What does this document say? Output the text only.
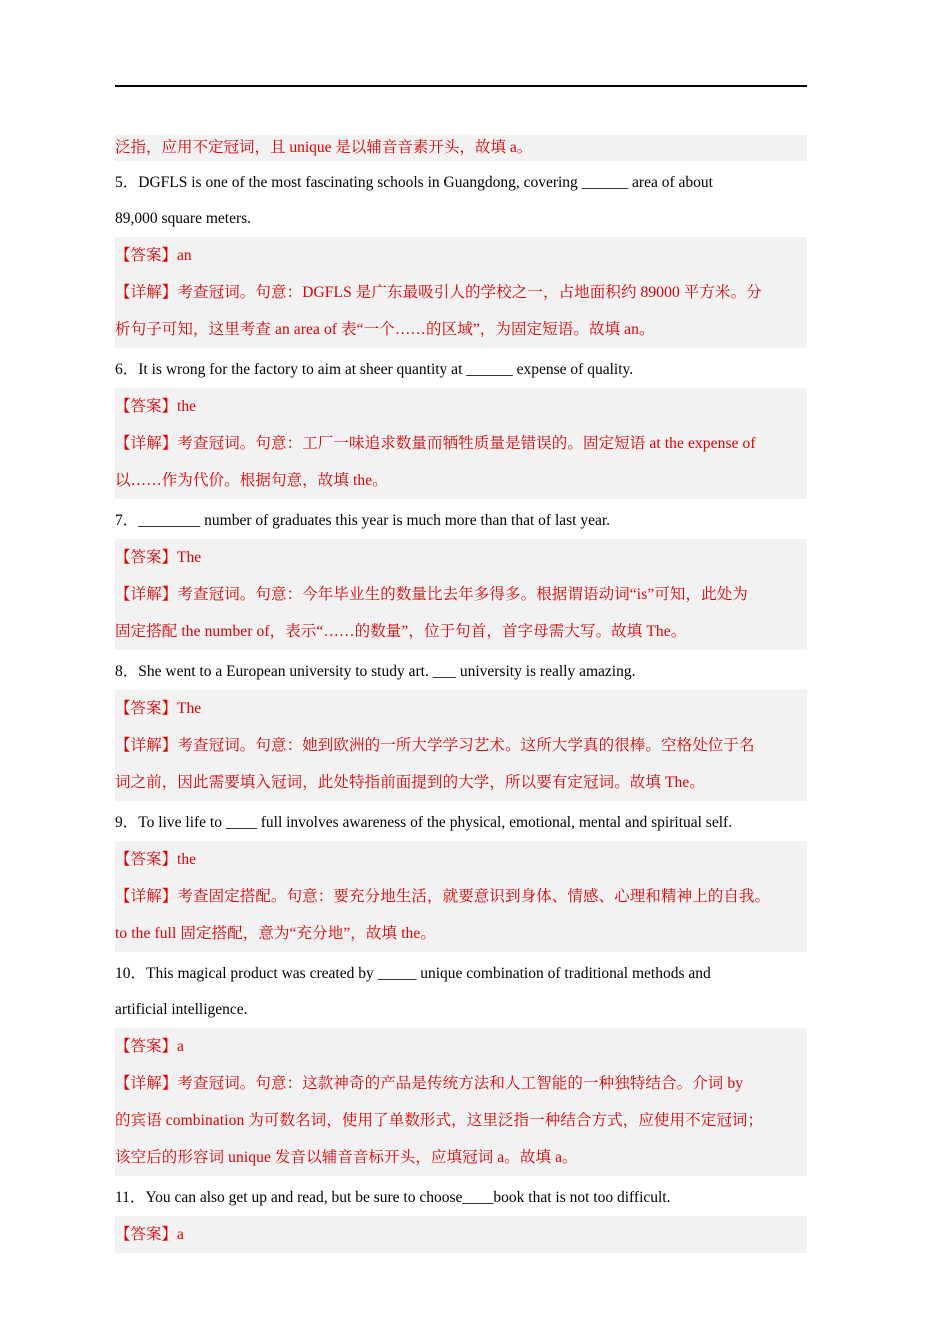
泛指，应用不定冠词，且 unique 是以辅音音素开头，故填 a。
5．DGFLS is one of the most fascinating schools in Guangdong, covering ______ area of about
89,000 square meters.
【答案】an
【详解】考查冠词。句意：DGFLS 是广东最吸引人的学校之一，占地面积约 89000 平方米。分
析句子可知，这里考查 an area of 表“一个……的区域”，为固定短语。故填 an。
6．It is wrong for the factory to aim at sheer quantity at ______ expense of quality.
【答案】the
【详解】考查冠词。句意：工厂一味追求数量而牺牲质量是错误的。固定短语 at the expense of
以……作为代价。根据句意，故填 the。
7．________ number of graduates this year is much more than that of last year.
【答案】The
【详解】考查冠词。句意：今年毕业生的数量比去年多得多。根据谓语动词“is”可知，此处为
固定搭配 the number of，表示“……的数量”，位于句首，首字母需大写。故填 The。
8．She went to a European university to study art. ___ university is really amazing.
【答案】The
【详解】考查冠词。句意：她到欧洲的一所大学学习艺术。这所大学真的很棒。空格处位于名
词之前，因此需要填入冠词，此处特指前面提到的大学，所以要有定冠词。故填 The。
9．To live life to ____ full involves awareness of the physical, emotional, mental and spiritual self.
【答案】the
【详解】考查固定搭配。句意：要充分地生活，就要意识到身体、情感、心理和精神上的自我。
to the full 固定搭配，意为“充分地”，故填 the。
10．This magical product was created by _____ unique combination of traditional methods and
artificial intelligence.
【答案】a
【详解】考查冠词。句意：这款神奇的产品是传统方法和人工智能的一种独特结合。介词 by
的宾语 combination 为可数名词，使用了单数形式，这里泛指一种结合方式，应使用不定冠词；
该空后的形容词 unique 发音以辅音音标开头，应填冠词 a。故填 a。
11．You can also get up and read, but be sure to choose____book that is not too difficult.
【答案】a
